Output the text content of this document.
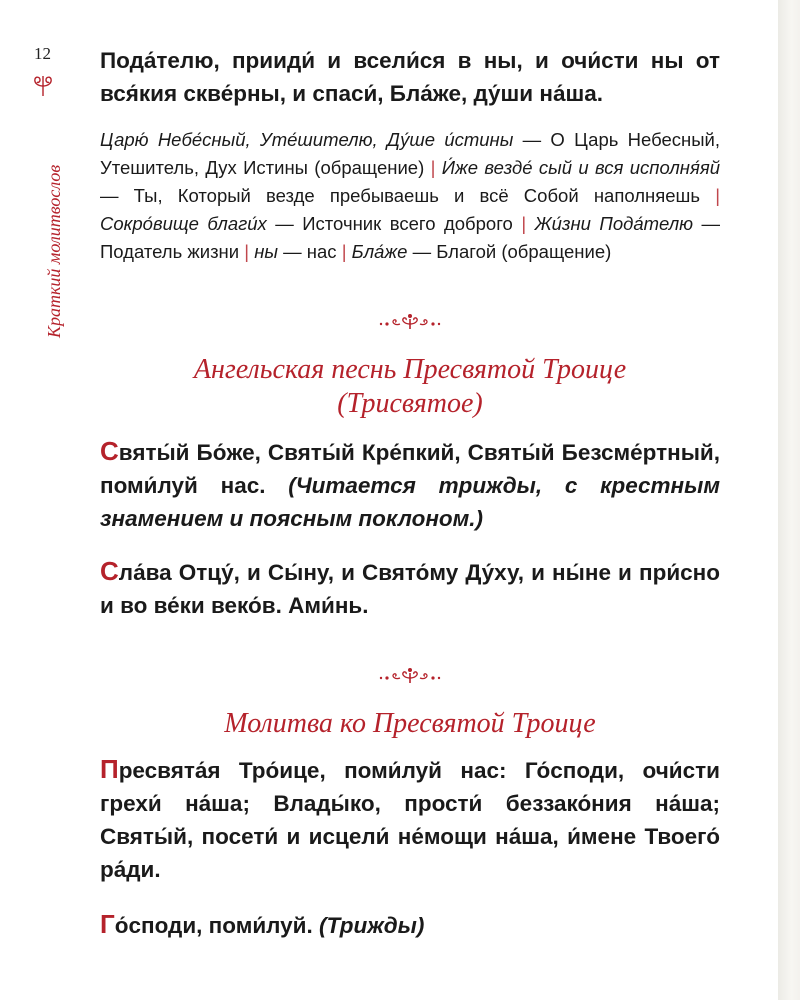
12
Краткий молитвослов

Пода́телю, прииди́ и всели́ся в ны, и очи́сти ны от вся́кия скве́рны, и спаси́, Бла́же, ду́ши на́ша.

Царю́ Небе́сный, Уте́шителю, Ду́ше и́стины — О Царь Небесный, Утешитель, Дух Истины (обращение) | И́же везде́ сый и вся исполня́яй — Ты, Который везде пребываешь и всё Собой наполняешь | Сокро́вище благи́х — Источник всего доброго | Жи́зни Пода́телю — Податель жизни | ны — нас | Бла́же — Благой (обращение)

Ангельская песнь Пресвятой Троице
(Трисвятое)

Святы́й Бо́же, Святы́й Кре́пкий, Святы́й Безсме́ртный, поми́луй нас. (Читается трижды, с крестным знамением и поясным поклоном.)

Сла́ва Отцу́, и Сы́ну, и Свято́му Ду́ху, и ны́не и при́сно и во ве́ки веко́в. Ами́нь.

Молитва ко Пресвятой Троице

Пресвята́я Тро́ице, поми́луй нас: Го́споди, очи́сти грехи́ на́ша; Влады́ко, прости́ беззако́ния на́ша; Святы́й, посети́ и исцели́ не́мощи на́ша, и́мене Твоего́ ра́ди.

Го́споди, поми́луй. (Трижды)
